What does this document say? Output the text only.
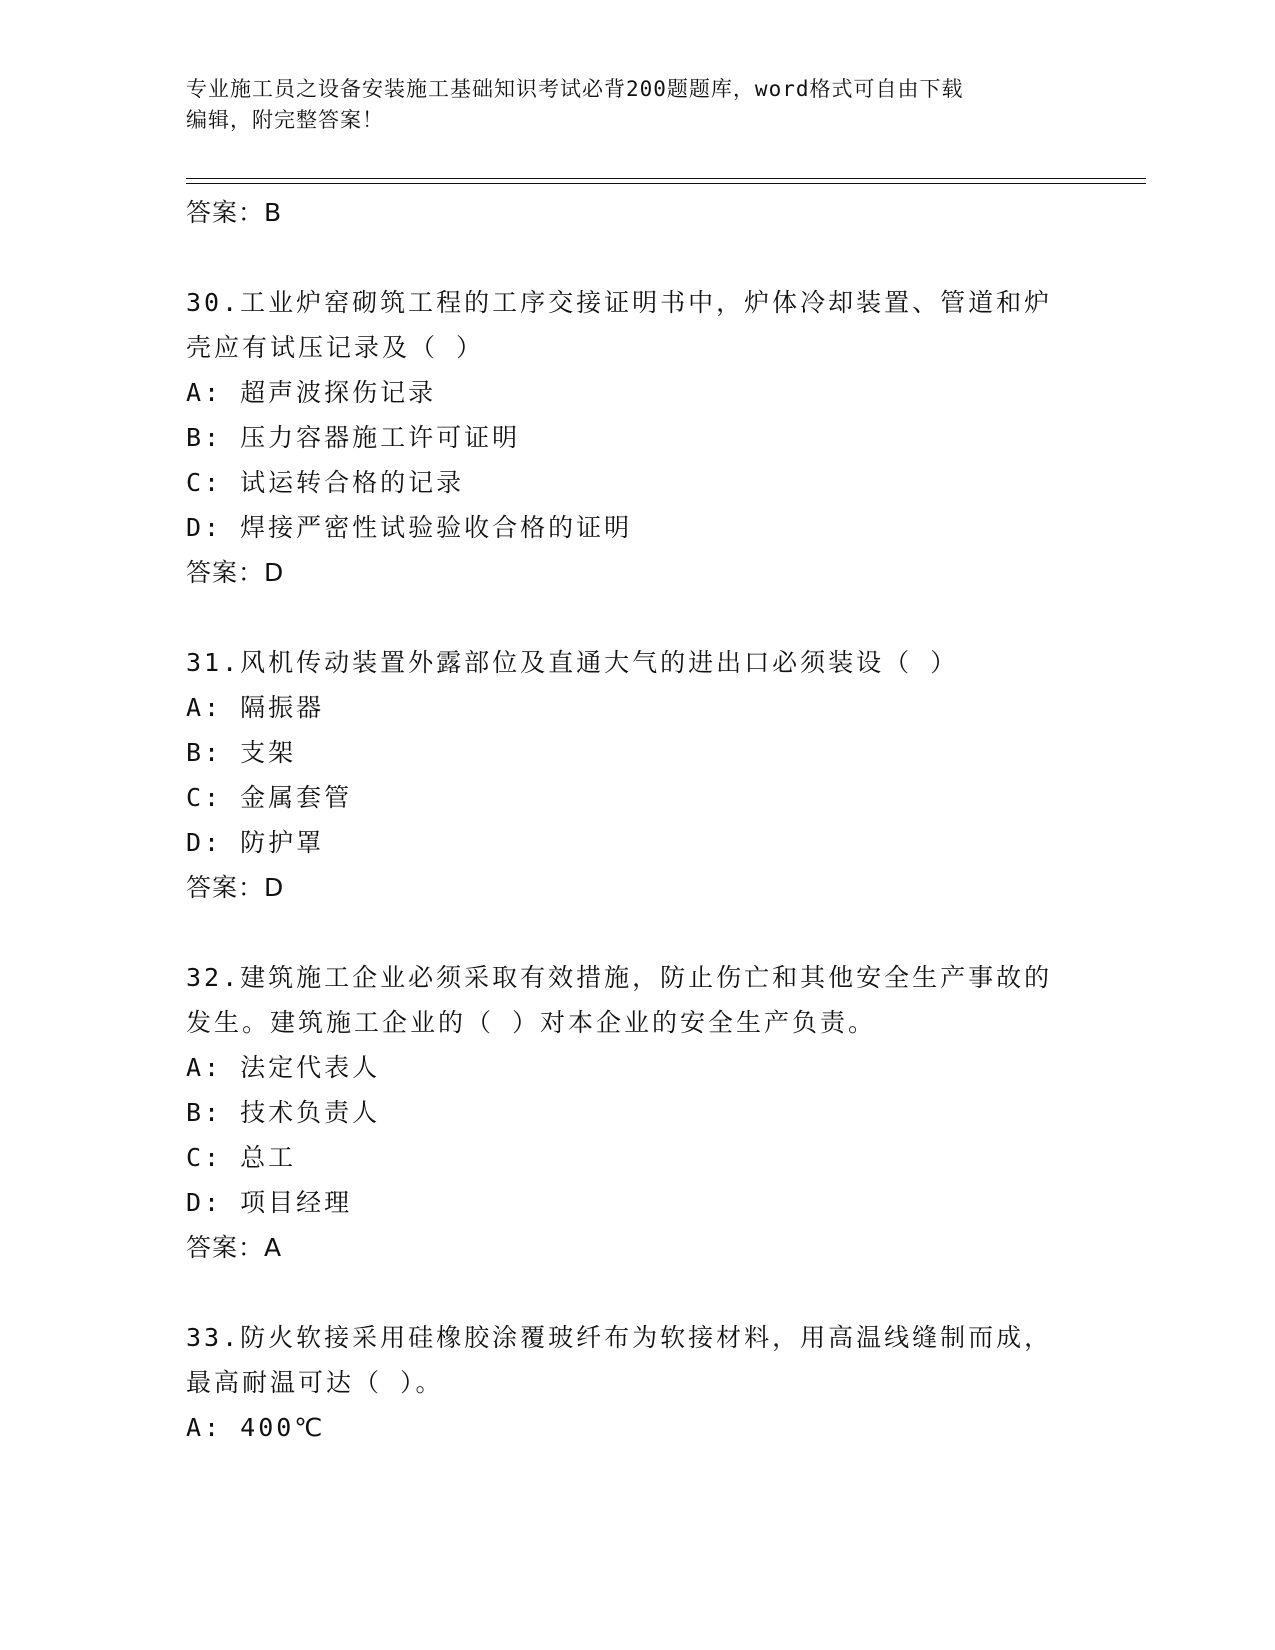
专业施工员之设备安装施工基础知识考试必背200题题库，word格式可自由下载
编辑，附完整答案！
答案：B
30.工业炉窑砌筑工程的工序交接证明书中，炉体冷却装置、管道和炉
壳应有试压记录及（ ）
A: 超声波探伤记录
B: 压力容器施工许可证明
C: 试运转合格的记录
D: 焊接严密性试验验收合格的证明
答案：D
31.风机传动装置外露部位及直通大气的进出口必须装设（ ）
A: 隔振器
B: 支架
C: 金属套管
D: 防护罩
答案：D
32.建筑施工企业必须采取有效措施，防止伤亡和其他安全生产事故的
发生。建筑施工企业的（ ）对本企业的安全生产负责。
A: 法定代表人
B: 技术负责人
C: 总工
D: 项目经理
答案：A
33.防火软接采用硅橡胶涂覆玻纤布为软接材料，用高温线缝制而成，
最高耐温可达（ ）。
A: 400℃
